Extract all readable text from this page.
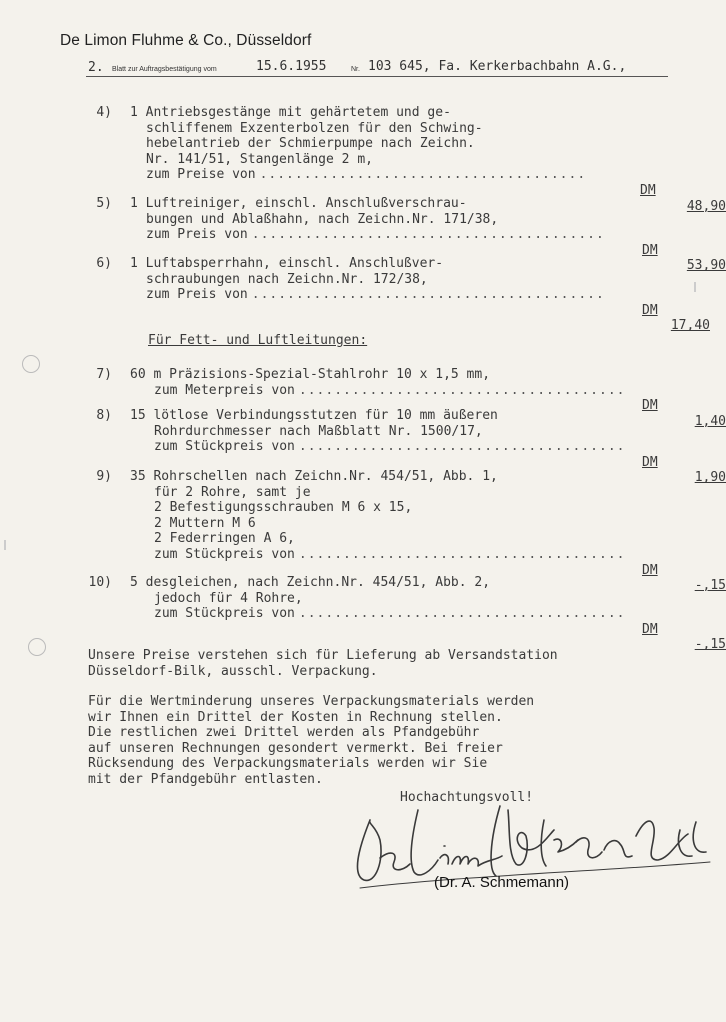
De Limon Fluhme & Co., Düsseldorf
2. Blatt zur Auftragsbestätigung vom	15.6.1955	Nr. 103 645, Fa. Kerkerbachbahn A.G.,
4) 1 Antriebsgestänge mit gehärtetem und ge-
schliffenem Exzenterbolzen für den Schwing-
hebelantrieb der Schmierpumpe nach Zeichn.
Nr. 141/51, Stangenlänge 2 m,
zum Preise von .....................................

DM

48,90

5) 1 Luftreiniger, einschl. Anschlußverschrau-
bungen und Ablaßhahn, nach Zeichn.Nr. 171/38,
zum Preis von ........................................

DM

53,90

6) 1 Luftabsperrhahn, einschl. Anschlußver-
schraubungen nach Zeichn.Nr. 172/38,
zum Preis von ........................................

DM

17,40

Für Fett- und Luftleitungen:
7) 60 m Präzisions-Spezial-Stahlrohr 10 x 1,5 mm,
zum Meterpreis von .....................................

DM

1,40

8) 15 lötlose Verbindungsstutzen für 10 mm äußeren
Rohrdurchmesser nach Maßblatt Nr. 1500/17,
zum Stückpreis von .....................................

DM

1,90

9) 35 Rohrschellen nach Zeichn.Nr. 454/51, Abb. 1,
für 2 Rohre, samt je
2 Befestigungsschrauben M 6 x 15,
2 Muttern M 6
2 Federringen A 6,
zum Stückpreis von .....................................

DM

-,15

10) 5 desgleichen, nach Zeichn.Nr. 454/51, Abb. 2,
jedoch für 4 Rohre,
zum Stückpreis von .....................................

DM

-,15

Unsere Preise verstehen sich für Lieferung ab Versandstation
Düsseldorf-Bilk, ausschl. Verpackung.
Für die Wertminderung unseres Verpackungsmaterials werden
wir Ihnen ein Drittel der Kosten in Rechnung stellen.
Die restlichen zwei Drittel werden als Pfandgebühr
auf unseren Rechnungen gesondert vermerkt. Bei freier
Rücksendung des Verpackungsmaterials werden wir Sie
mit der Pfandgebühr entlasten.
Hochachtungsvoll!
(Dr. A. Schmemann)
